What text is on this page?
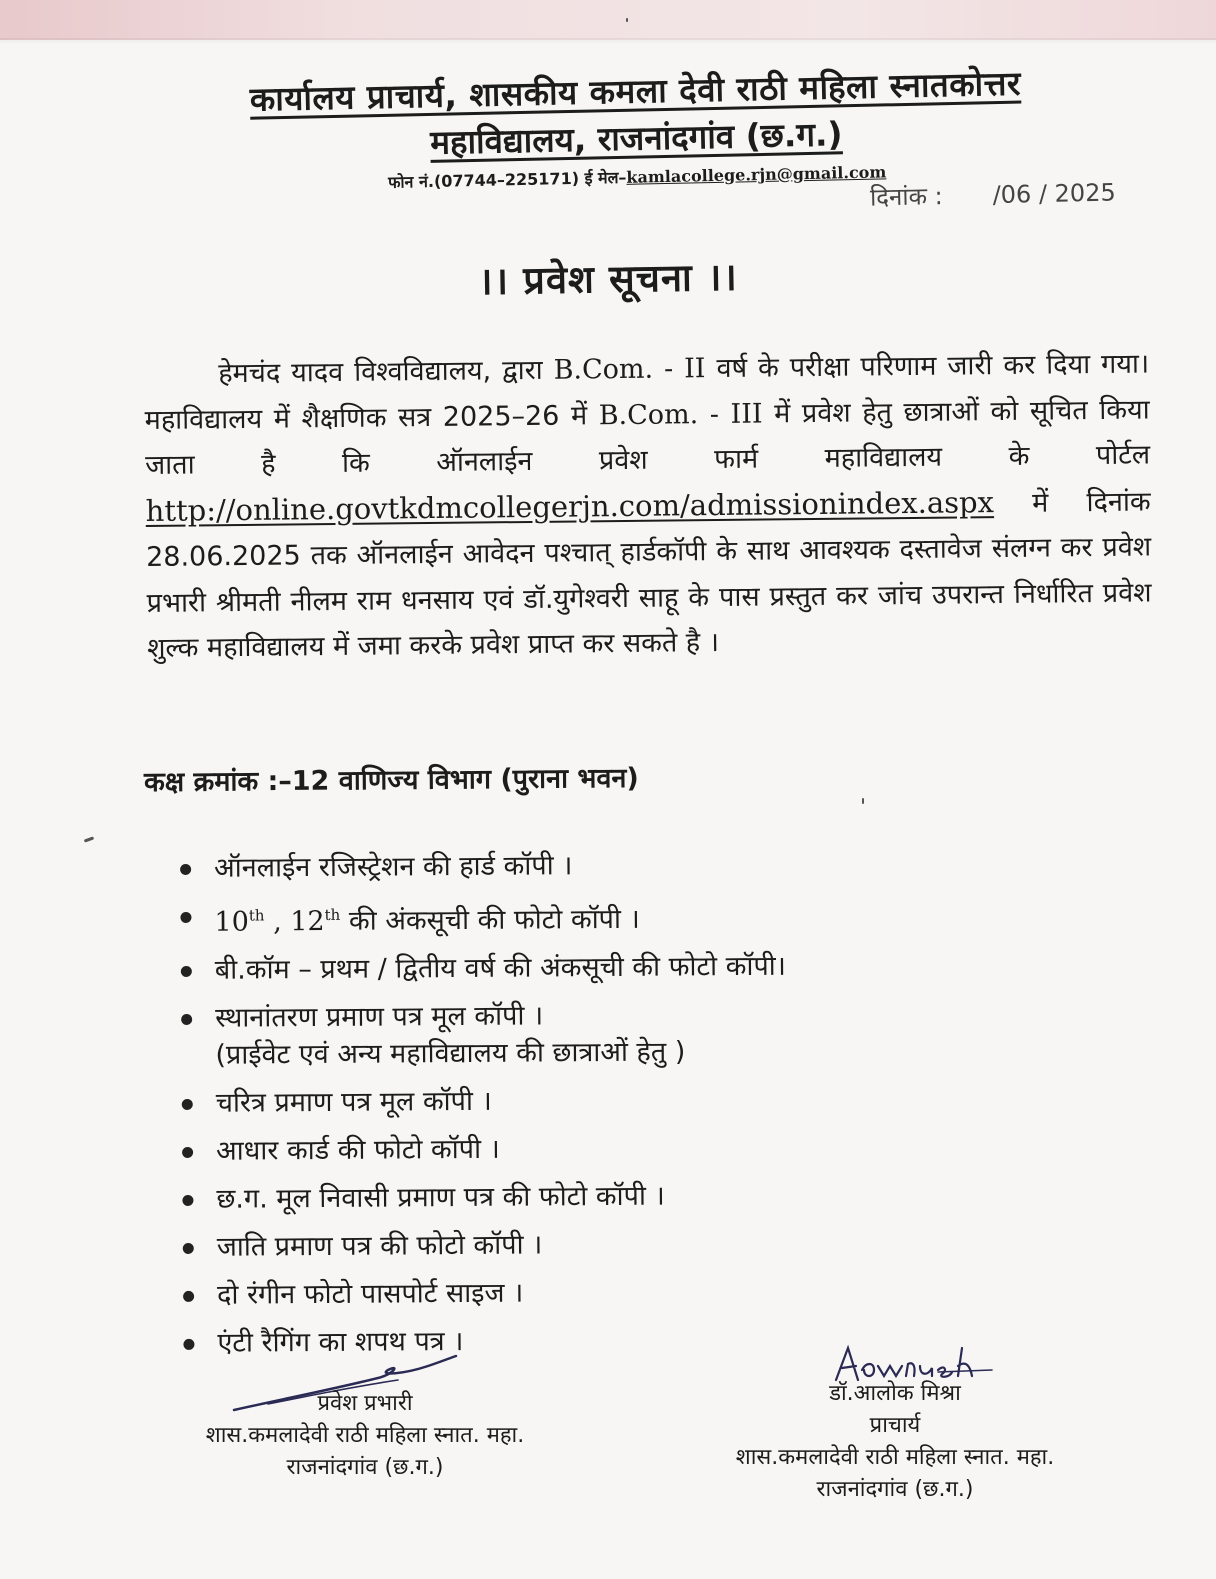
कार्यालय प्राचार्य, शासकीय कमला देवी राठी महिला स्नातकोत्तर
महाविद्यालय, राजनांदगांव (छ.ग.)
फोन नं.(07744–225171) ई मेल–kamlacollege.rjn@gmail.com
दिनांक : /06 / 2025
।। प्रवेश सूचना ।।
हेमचंद यादव विश्वविद्यालय, द्वारा B.Com. - II वर्ष के परीक्षा परिणाम जारी कर दिया गया। महाविद्यालय में शैक्षणिक सत्र 2025–26 में B.Com. - III में प्रवेश हेतु छात्राओं को सूचित किया जाता है कि ऑनलाईन प्रवेश फार्म महाविद्यालय के पोर्टल http://online.govtkdmcollegerjn.com/admissionindex.aspx में दिनांक 28.06.2025 तक ऑनलाईन आवेदन पश्चात् हार्डकॉपी के साथ आवश्यक दस्तावेज संलग्न कर प्रवेश प्रभारी श्रीमती नीलम राम धनसाय एवं डॉ.युगेश्वरी साहू के पास प्रस्तुत कर जांच उपरान्त निर्धारित प्रवेश शुल्क महाविद्यालय में जमा करके प्रवेश प्राप्त कर सकते है ।
कक्ष क्रमांक :–12 वाणिज्य विभाग (पुराना भवन)
ऑनलाईन रजिस्ट्रेशन की हार्ड कॉपी ।
10th , 12th की अंकसूची की फोटो कॉपी ।
बी.कॉम – प्रथम / द्वितीय वर्ष की अंकसूची की फोटो कॉपी।
स्थानांतरण प्रमाण पत्र मूल कॉपी ।
(प्राईवेट एवं अन्य महाविद्यालय की छात्राओं हेतु )
चरित्र प्रमाण पत्र मूल कॉपी ।
आधार कार्ड की फोटो कॉपी ।
छ.ग. मूल निवासी प्रमाण पत्र की फोटो कॉपी ।
जाति प्रमाण पत्र की फोटो कॉपी ।
दो रंगीन फोटो पासपोर्ट साइज ।
एंटी रैगिंग का शपथ पत्र ।
प्रवेश प्रभारी
शास.कमलादेवी राठी महिला स्नात. महा.
राजनांदगांव (छ.ग.)
डॉ.आलोक मिश्रा
प्राचार्य
शास.कमलादेवी राठी महिला स्नात. महा.
राजनांदगांव (छ.ग.)
